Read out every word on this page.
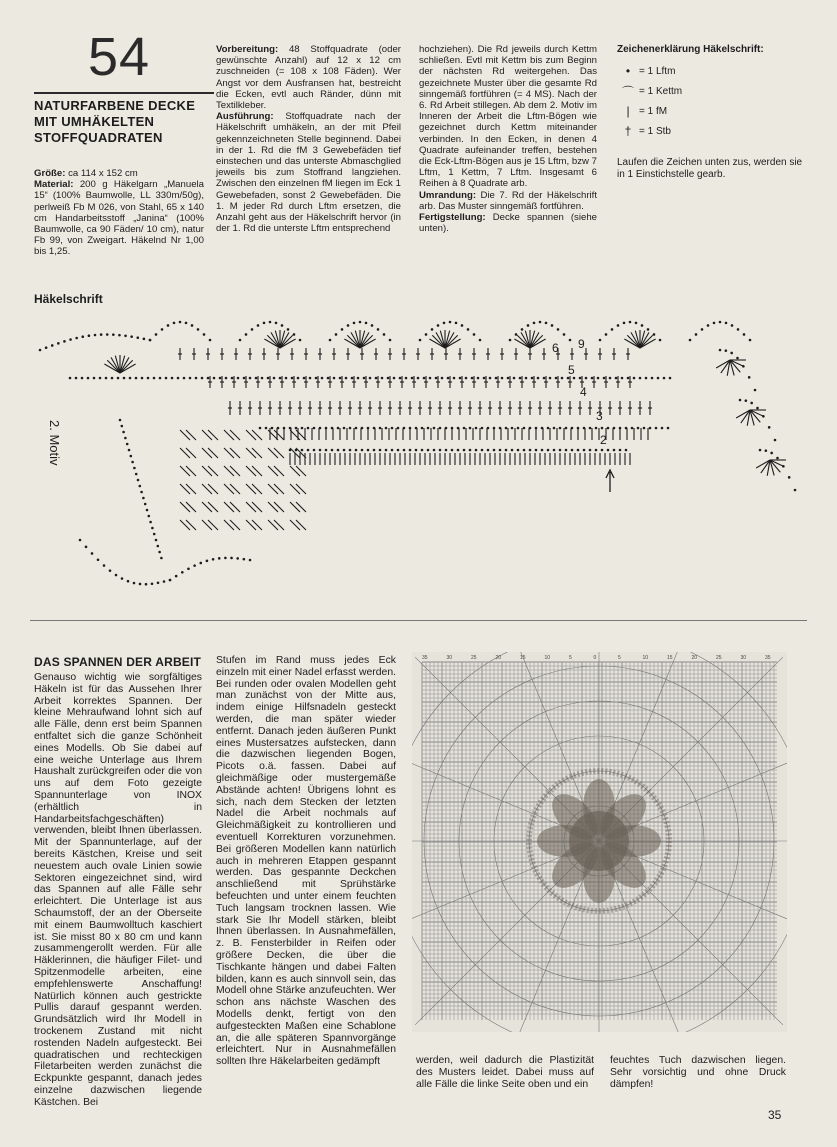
54
NATURFARBENE DECKE
MIT UMHÄKELTEN
STOFFQUADRATEN

Größe: ca 114 x 152 cm

Material: 200 g Häkelgarn „Manuela 15“ (100% Baumwolle, LL 330m/50g), perlweiß Fb M 026, von Stahl, 65 x 140 cm Handarbeitsstoff „Janina“ (100% Baumwolle, ca 90 Fäden/ 10 cm), natur Fb 99, von Zweigart. Häkelnd Nr 1,00 bis 1,25.

Vorbereitung: 48 Stoffquadrate (oder gewünschte Anzahl) auf 12 x 12 cm zuschneiden (= 108 x 108 Fäden). Wer Angst vor dem Ausfransen hat, bestreicht die Ecken, evtl auch Ränder, dünn mit Textilkleber.

Ausführung: Stoffquadrate nach der Häkelschrift umhäkeln, an der mit Pfeil gekennzeichneten Stelle beginnend. Dabei in der 1. Rd die fM 3 Gewebefäden tief einstechen und das unterste Abmaschglied jeweils bis zum Stoffrand langziehen. Zwischen den einzelnen fM liegen im Eck 1 Gewebefaden, sonst 2 Gewebefäden. Die 1. M jeder Rd durch Lftm ersetzen, die Anzahl geht aus der Häkelschrift hervor (in der 1. Rd die unterste Lftm entsprechend

hochziehen). Die Rd jeweils durch Kettm schließen. Evtl mit Kettm bis zum Beginn der nächsten Rd weitergehen. Das gezeichnete Muster über die gesamte Rd sinngemäß fortführen (= 4 MS). Nach der 6. Rd Arbeit stillegen. Ab dem 2. Motiv im Inneren der Arbeit die Lftm-Bögen wie gezeichnet durch Kettm miteinander verbinden. In den Ecken, in denen 4 Quadrate aufeinander treffen, bestehen die Eck-Lftm-Bögen aus je 15 Lftm, bzw 7 Lftm, 1 Kettm, 7 Lftm. Insgesamt 6 Reihen à 8 Quadrate arb.

Umrandung: Die 7. Rd der Häkelschrift arb. Das Muster sinngemäß fortführen.

Fertigstellung: Decke spannen (siehe unten).

Zeichenerklärung Häkelschrift:
• = 1 Lftm
⌒ = 1 Kettm
| = 1 fM
† = 1 Stb
Laufen die Zeichen unten zus, werden sie in 1 Einstichstelle gearb.
Häkelschrift
9
6
5
4
3
2
2. Motiv
DAS SPANNEN DER ARBEIT
Genauso wichtig wie sorgfältiges Häkeln ist für das Aussehen Ihrer Arbeit korrektes Spannen. Der kleine Mehraufwand lohnt sich auf alle Fälle, denn erst beim Spannen entfaltet sich die ganze Schönheit eines Modells. Ob Sie dabei auf eine weiche Unterlage aus Ihrem Haushalt zurückgreifen oder die von uns auf dem Foto gezeigte Spannunterlage von INOX (erhältlich in Handarbeitsfachgeschäften) verwenden, bleibt Ihnen überlassen. Mit der Spannunterlage, auf der bereits Kästchen, Kreise und seit neuestem auch ovale Linien sowie Sektoren eingezeichnet sind, wird das Spannen auf alle Fälle sehr erleichtert. Die Unterlage ist aus Schaumstoff, der an der Oberseite mit einem Baumwolltuch kaschiert ist. Sie misst 80 x 80 cm und kann zusammengerollt werden. Für alle Häklerinnen, die häufiger Filet- und Spitzenmodelle arbeiten, eine empfehlenswerte Anschaffung! Natürlich können auch gestrickte Pullis darauf gespannt werden. Grundsätzlich wird Ihr Modell in trockenem Zustand mit nicht rostenden Nadeln aufgesteckt. Bei quadratischen und rechteckigen Filetarbeiten werden zunächst die Eckpunkte gespannt, danach jedes einzelne dazwischen liegende Kästchen. Bei
Stufen im Rand muss jedes Eck einzeln mit einer Nadel erfasst werden. Bei runden oder ovalen Modellen geht man zunächst von der Mitte aus, indem einige Hilfsnadeln gesteckt werden, die man später wieder entfernt. Danach jeden äußeren Punkt eines Mustersatzes aufstecken, dann die dazwischen liegenden Bogen, Picots o.ä. fassen. Dabei auf gleichmäßige oder mustergemäße Abstände achten! Übrigens lohnt es sich, nach dem Stecken der letzten Nadel die Arbeit nochmals auf Gleichmäßigkeit zu kontrollieren und eventuell Korrekturen vorzunehmen. Bei größeren Modellen kann natürlich auch in mehreren Etappen gespannt werden. Das gespannte Deckchen anschließend mit Sprühstärke befeuchten und unter einem feuchten Tuch langsam trocknen lassen. Wie stark Sie Ihr Modell stärken, bleibt Ihnen überlassen. In Ausnahmefällen, z. B. Fensterbilder in Reifen oder größere Decken, die über die Tischkante hängen und dabei Falten bilden, kann es auch sinnvoll sein, das Modell ohne Stärke anzufeuchten. Wer schon ans nächste Waschen des Modells denkt, fertigt von den aufgesteckten Maßen eine Schablone an, die alle späteren Spannvorgänge erleichtert. Nur in Ausnahmefällen sollten Ihre Häkelarbeiten gedämpft
35	30	25	20	15	10	5	0	5	10	15	20	25	30	35
werden, weil dadurch die Plastizität des Musters leidet. Dabei muss auf alle Fälle die linke Seite oben und ein
feuchtes Tuch dazwischen liegen. Sehr vorsichtig und ohne Druck dämpfen!
35
